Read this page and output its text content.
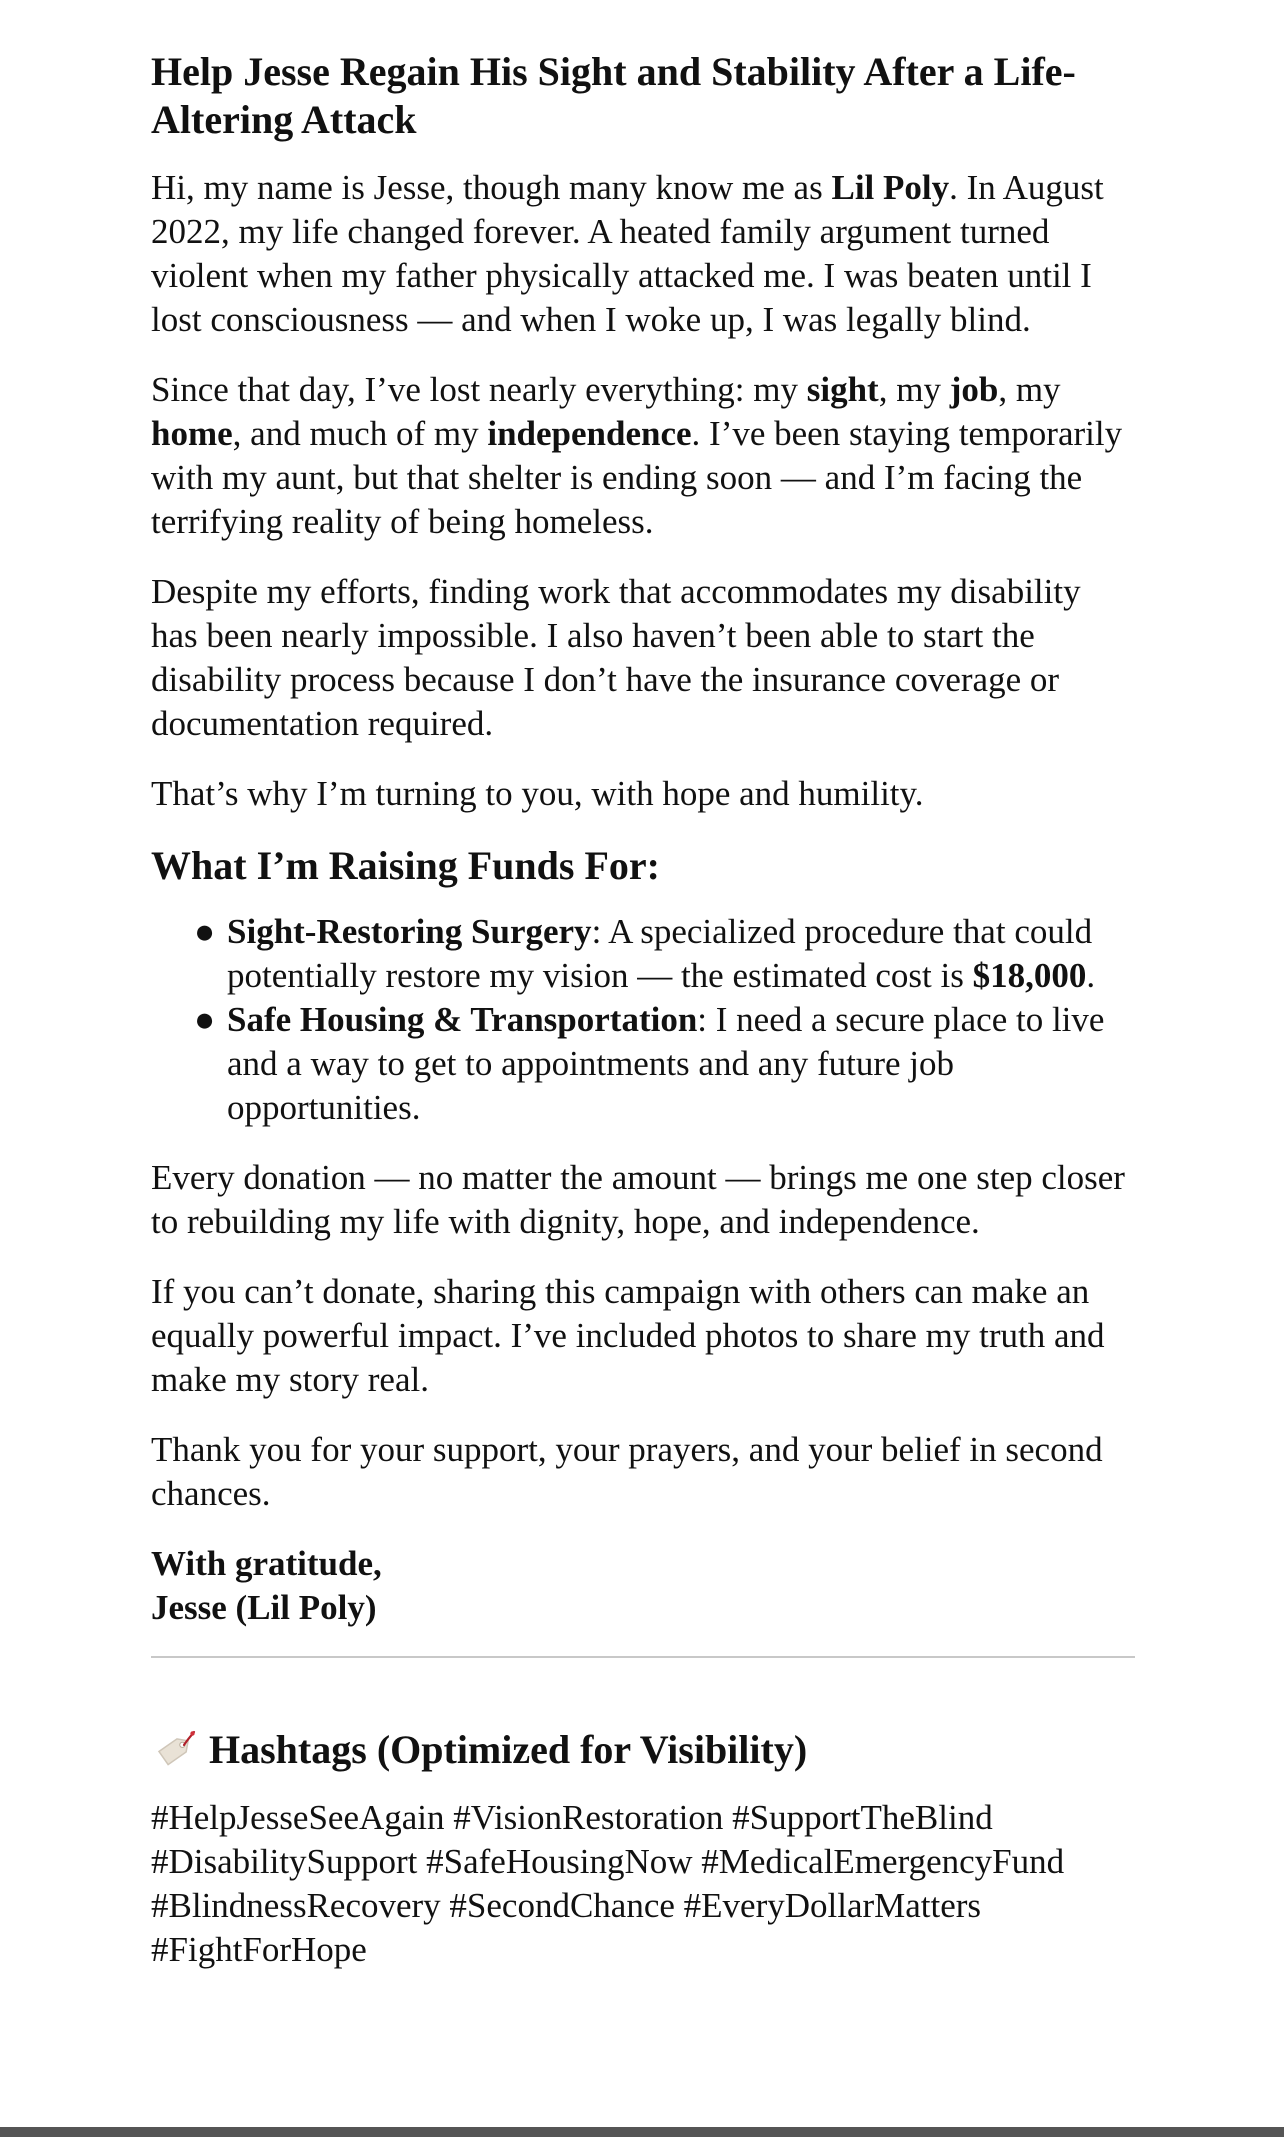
Help Jesse Regain His Sight and Stability After a Life-Altering Attack

Hi, my name is Jesse, though many know me as Lil Poly. In August 2022, my life changed forever. A heated family argument turned violent when my father physically attacked me. I was beaten until I lost consciousness — and when I woke up, I was legally blind.

Since that day, I’ve lost nearly everything: my sight, my job, my home, and much of my independence. I’ve been staying temporarily with my aunt, but that shelter is ending soon — and I’m facing the terrifying reality of being homeless.

Despite my efforts, finding work that accommodates my disability has been nearly impossible. I also haven’t been able to start the disability process because I don’t have the insurance coverage or documentation required.

That’s why I’m turning to you, with hope and humility.

What I’m Raising Funds For:
● Sight-Restoring Surgery: A specialized procedure that could potentially restore my vision — the estimated cost is $18,000.
● Safe Housing & Transportation: I need a secure place to live and a way to get to appointments and any future job opportunities.

Every donation — no matter the amount — brings me one step closer to rebuilding my life with dignity, hope, and independence.

If you can’t donate, sharing this campaign with others can make an equally powerful impact. I’ve included photos to share my truth and make my story real.

Thank you for your support, your prayers, and your belief in second chances.

With gratitude,
Jesse (Lil Poly)
Hashtags (Optimized for Visibility)

#HelpJesseSeeAgain #VisionRestoration #SupportTheBlind #DisabilitySupport #SafeHousingNow #MedicalEmergencyFund #BlindnessRecovery #SecondChance #EveryDollarMatters #FightForHope
